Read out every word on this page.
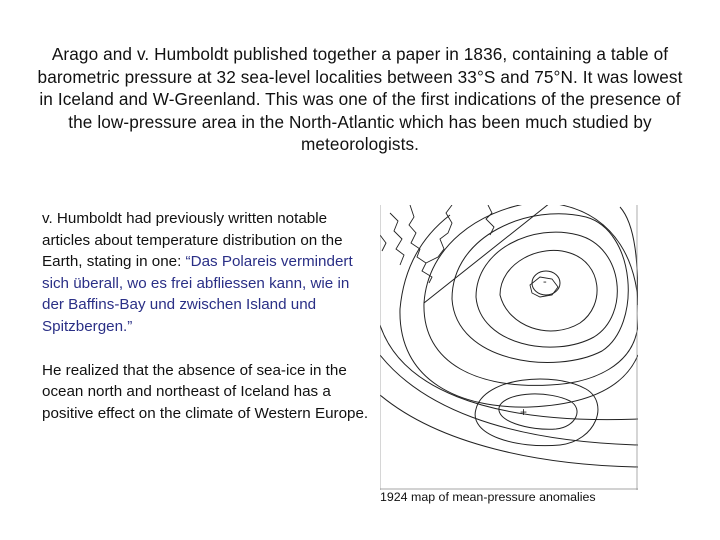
Arago and v. Humboldt published together a paper in 1836, containing a table of barometric pressure at 32 sea-level localities between 33°S and 75°N. It was lowest in Iceland and W-Greenland. This was one of the first indications of the presence of the low-pressure area in the North-Atlantic which has been much studied by meteorologists.

v. Humboldt had previously written notable articles about temperature distribution on the Earth, stating in one: “Das Polareis vermindert sich überall, wo es frei abfliessen kann, wie in der Baffins-Bay und zwischen Island und Spitzbergen.”

He realized that the absence of sea-ice in the ocean north and northeast of Iceland has a positive effect on the climate of Western Europe.

-
+
1924 map of mean-pressure anomalies
